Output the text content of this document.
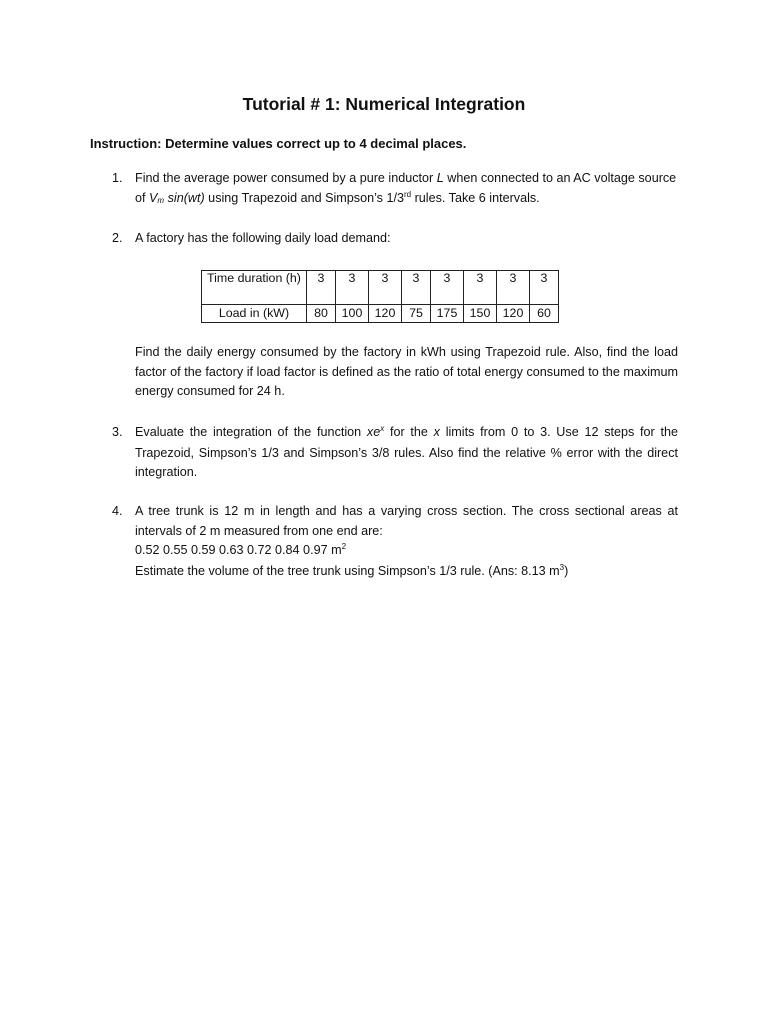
Tutorial # 1: Numerical Integration
Instruction: Determine values correct up to 4 decimal places.
1. Find the average power consumed by a pure inductor L when connected to an AC voltage source

of $V_m$ sin(wt) using Trapezoid and Simpson’s 1/3rd rules. Take 6 intervals.

2. A factory has the following daily load demand:

Time duration (h)	3	3	3	3	3	3	3	3
Load in (kW)	80	100	120	75	175	150	120	60

Find the daily energy consumed by the factory in kWh using Trapezoid rule. Also, find the load factor of the factory if load factor is defined as the ratio of total energy consumed to the maximum energy consumed for 24 h.

3. Evaluate the integration of the function $xe^x$ for the x limits from 0 to 3. Use 12 steps for the Trapezoid, Simpson’s 1/3 and Simpson’s 3/8 rules. Also find the relative % error with the direct integration.

4. A tree trunk is 12 m in length and has a varying cross section. The cross sectional areas at intervals of 2 m measured from one end are:

0.52 0.55 0.59 0.63 0.72 0.84 0.97 $m^2$

Estimate the volume of the tree trunk using Simpson’s 1/3 rule. (Ans: 8.13 $m^3$)
